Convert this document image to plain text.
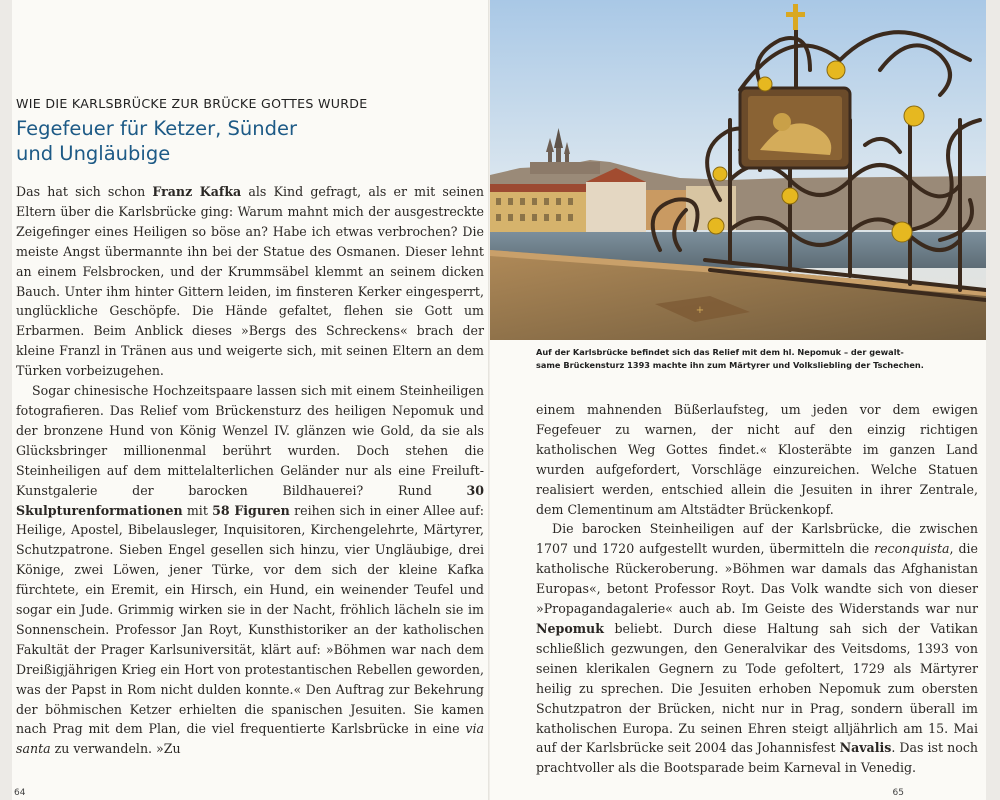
WIE DIE KARLSBRÜCKE ZUR BRÜCKE GOTTES WURDE
Fegefeuer für Ketzer, Sünder
und Ungläubige

Das hat sich schon Franz Kafka als Kind gefragt, als er mit seinen Eltern über die Karlsbrücke ging: Warum mahnt mich der ausgestreckte Zeigefinger eines Heiligen so böse an? Habe ich etwas verbrochen? Die meiste Angst übermannte ihn bei der Statue des Osmanen. Dieser lehnt an einem Felsbrocken, und der Krummsäbel klemmt an seinem dicken Bauch. Unter ihm hinter Gittern leiden, im finsteren Kerker eingesperrt, unglückliche Geschöpfe. Die Hände gefaltet, flehen sie Gott um Erbarmen. Beim Anblick dieses »Bergs des Schreckens« brach der kleine Franzl in Tränen aus und weigerte sich, mit seinen Eltern an dem Türken vorbeizugehen.

Sogar chinesische Hochzeitspaare lassen sich mit einem Steinheiligen fotografieren. Das Relief vom Brückensturz des heiligen Nepomuk und der bronzene Hund von König Wenzel IV. glänzen wie Gold, da sie als Glücksbringer millionenmal berührt wurden. Doch stehen die Steinheiligen auf dem mittelalterlichen Geländer nur als eine Freiluft-Kunstgalerie der barocken Bildhauerei? Rund 30 Skulpturenformationen mit 58 Figuren reihen sich in einer Allee auf: Heilige, Apostel, Bibelausleger, Inquisitoren, Kirchengelehrte, Märtyrer, Schutzpatrone. Sieben Engel gesellen sich hinzu, vier Ungläubige, drei Könige, zwei Löwen, jener Türke, vor dem sich der kleine Kafka fürchtete, ein Eremit, ein Hirsch, ein Hund, ein weinender Teufel und sogar ein Jude. Grimmig wirken sie in der Nacht, fröhlich lächeln sie im Sonnenschein. Professor Jan Royt, Kunsthistoriker an der katholischen Fakultät der Prager Karlsuniversität, klärt auf: »Böhmen war nach dem Dreißigjährigen Krieg ein Hort von protestantischen Rebellen geworden, was der Papst in Rom nicht dulden konnte.« Den Auftrag zur Bekehrung der böhmischen Ketzer erhielten die spanischen Jesuiten. Sie kamen nach Prag mit dem Plan, die viel frequentierte Karlsbrücke in eine via santa zu verwandeln. »Zu

64
+
Auf der Karlsbrücke befindet sich das Relief mit dem hl. Nepomuk – der gewalt-
same Brückensturz 1393 machte ihn zum Märtyrer und Volksliebling der Tschechen.

einem mahnenden Büßerlaufsteg, um jeden vor dem ewigen Fegefeuer zu warnen, der nicht auf den einzig richtigen katholischen Weg Gottes findet.« Klosteräbte im ganzen Land wurden aufgefordert, Vorschläge einzureichen. Welche Statuen realisiert werden, entschied allein die Jesuiten in ihrer Zentrale, dem Clementinum am Altstädter Brückenkopf.

Die barocken Steinheiligen auf der Karlsbrücke, die zwischen 1707 und 1720 aufgestellt wurden, übermitteln die reconquista, die katholische Rückeroberung. »Böhmen war damals das Afghanistan Europas«, betont Professor Royt. Das Volk wandte sich von dieser »Propagandagalerie« auch ab. Im Geiste des Widerstands war nur Nepomuk beliebt. Durch diese Haltung sah sich der Vatikan schließlich gezwungen, den Generalvikar des Veitsdoms, 1393 von seinen klerikalen Gegnern zu Tode gefoltert, 1729 als Märtyrer heilig zu sprechen. Die Jesuiten erhoben Nepomuk zum obersten Schutzpatron der Brücken, nicht nur in Prag, sondern überall im katholischen Europa. Zu seinen Ehren steigt alljährlich am 15. Mai auf der Karlsbrücke seit 2004 das Johannisfest Navalis. Das ist noch prachtvoller als die Bootsparade beim Karneval in Venedig.

65
